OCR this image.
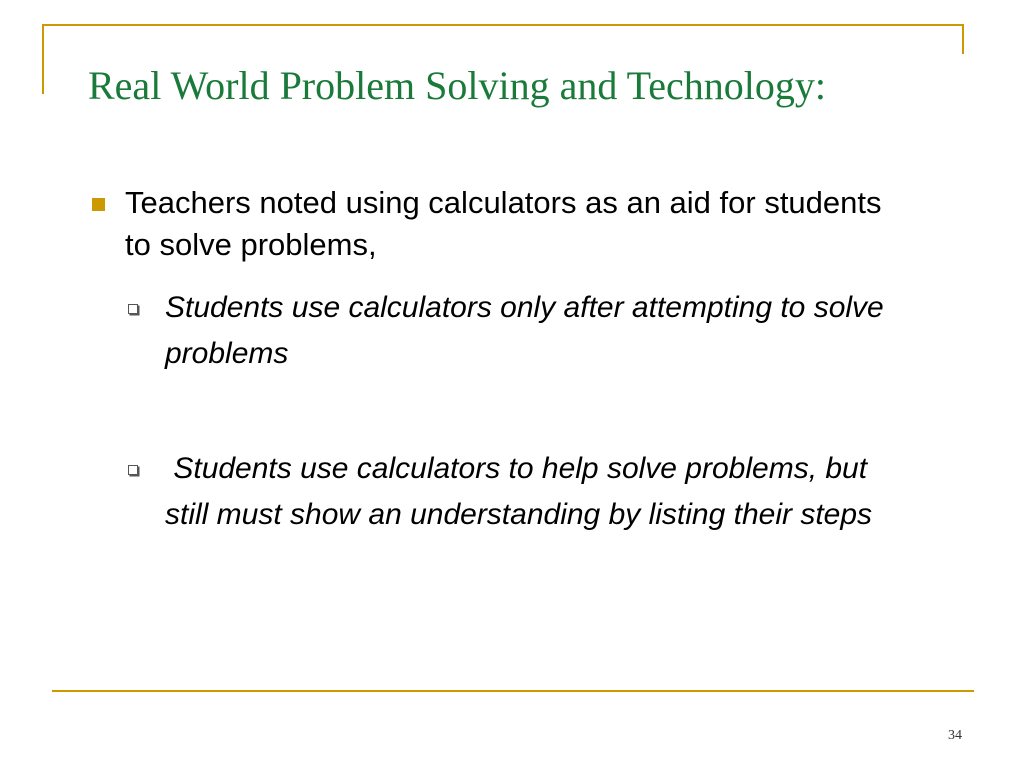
Real World Problem Solving and Technology:

Teachers noted using calculators as an aid for students to solve problems,

Students use calculators only after attempting to solve problems

Students use calculators to help solve problems, but still must show an understanding by listing their steps

34
